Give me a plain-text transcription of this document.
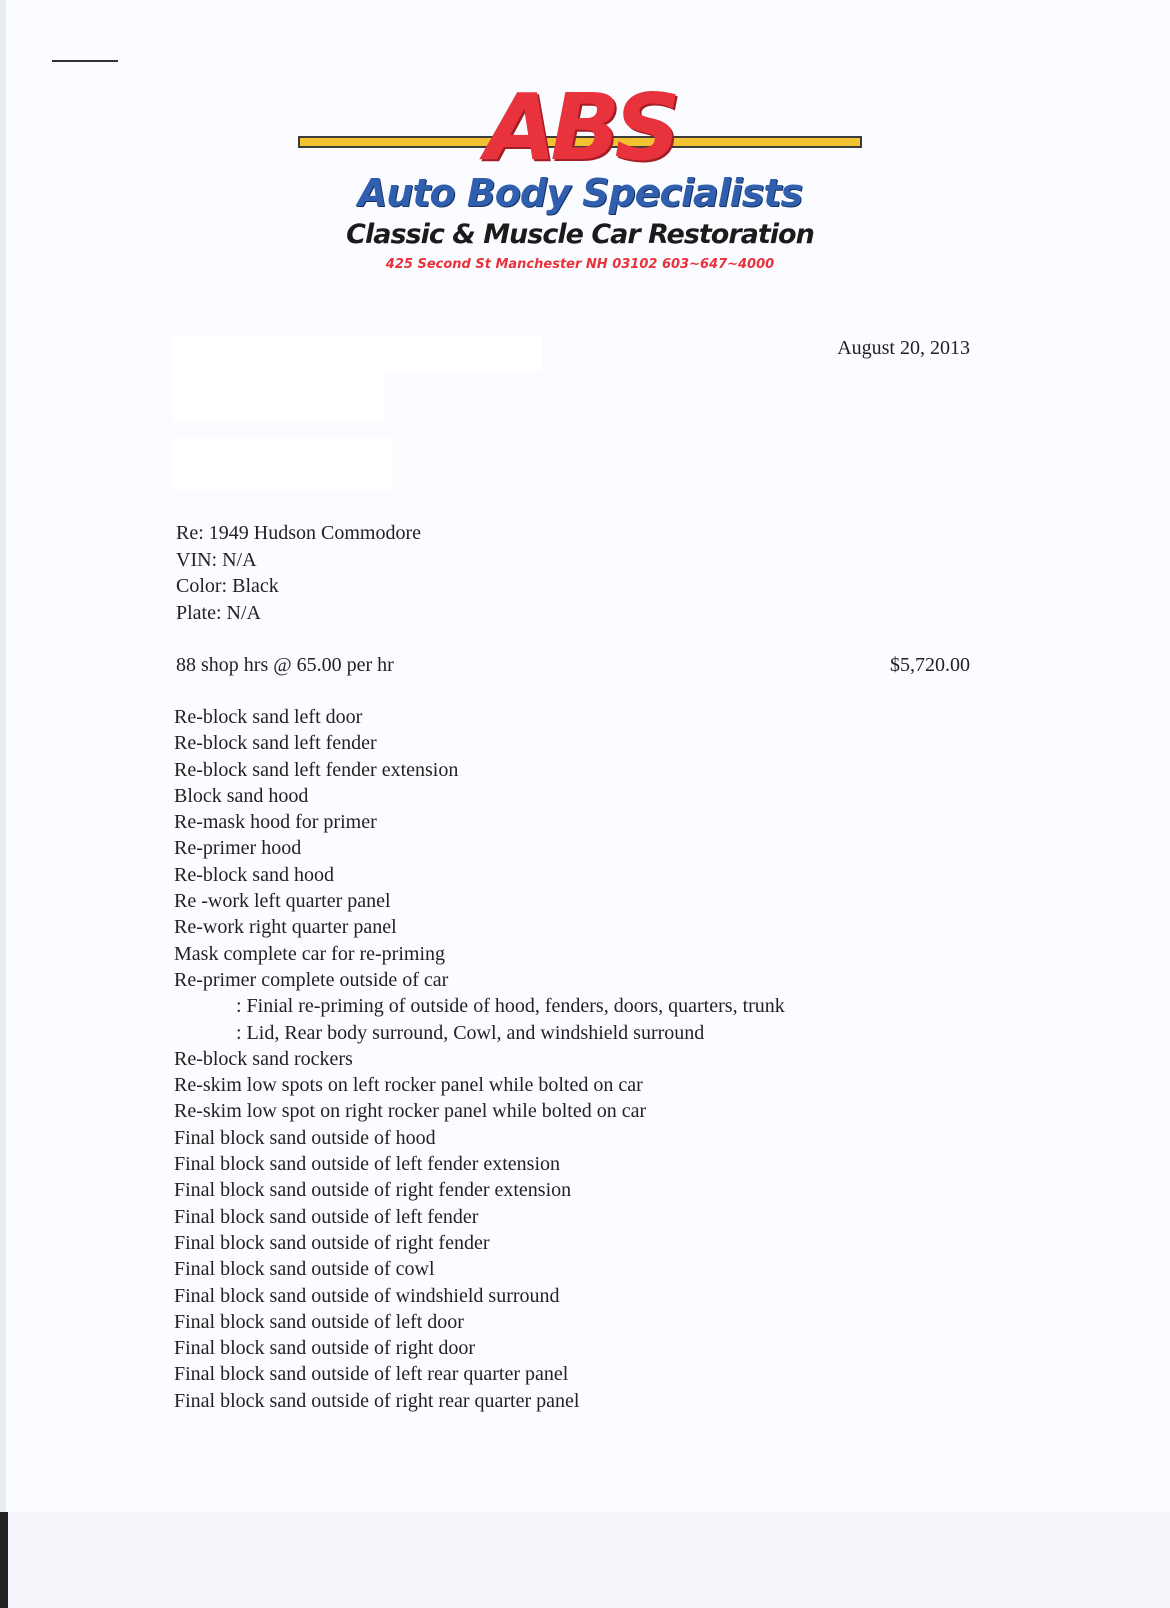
ABS
Auto Body Specialists
Classic & Muscle Car Restoration
425 Second St Manchester NH 03102 603~647~4000
August 20, 2013
Re: 1949 Hudson Commodore
VIN: N/A
Color: Black
Plate: N/A
88 shop hrs @ 65.00 per hr	$5,720.00
Re-block sand left door
Re-block sand left fender
Re-block sand left fender extension
Block sand hood
Re-mask hood for primer
Re-primer hood
Re-block sand hood
Re -work left quarter panel
Re-work right quarter panel
Mask complete car for re-priming
Re-primer complete outside of car
: Finial re-priming of outside of hood, fenders, doors, quarters, trunk
: Lid, Rear body surround, Cowl, and windshield surround
Re-block sand rockers
Re-skim low spots on left rocker panel while bolted on car
Re-skim low spot on right rocker panel while bolted on car
Final block sand outside of hood
Final block sand outside of left fender extension
Final block sand outside of right fender extension
Final block sand outside of left fender
Final block sand outside of right fender
Final block sand outside of cowl
Final block sand outside of windshield surround
Final block sand outside of left door
Final block sand outside of right door
Final block sand outside of left rear quarter panel
Final block sand outside of right rear quarter panel
